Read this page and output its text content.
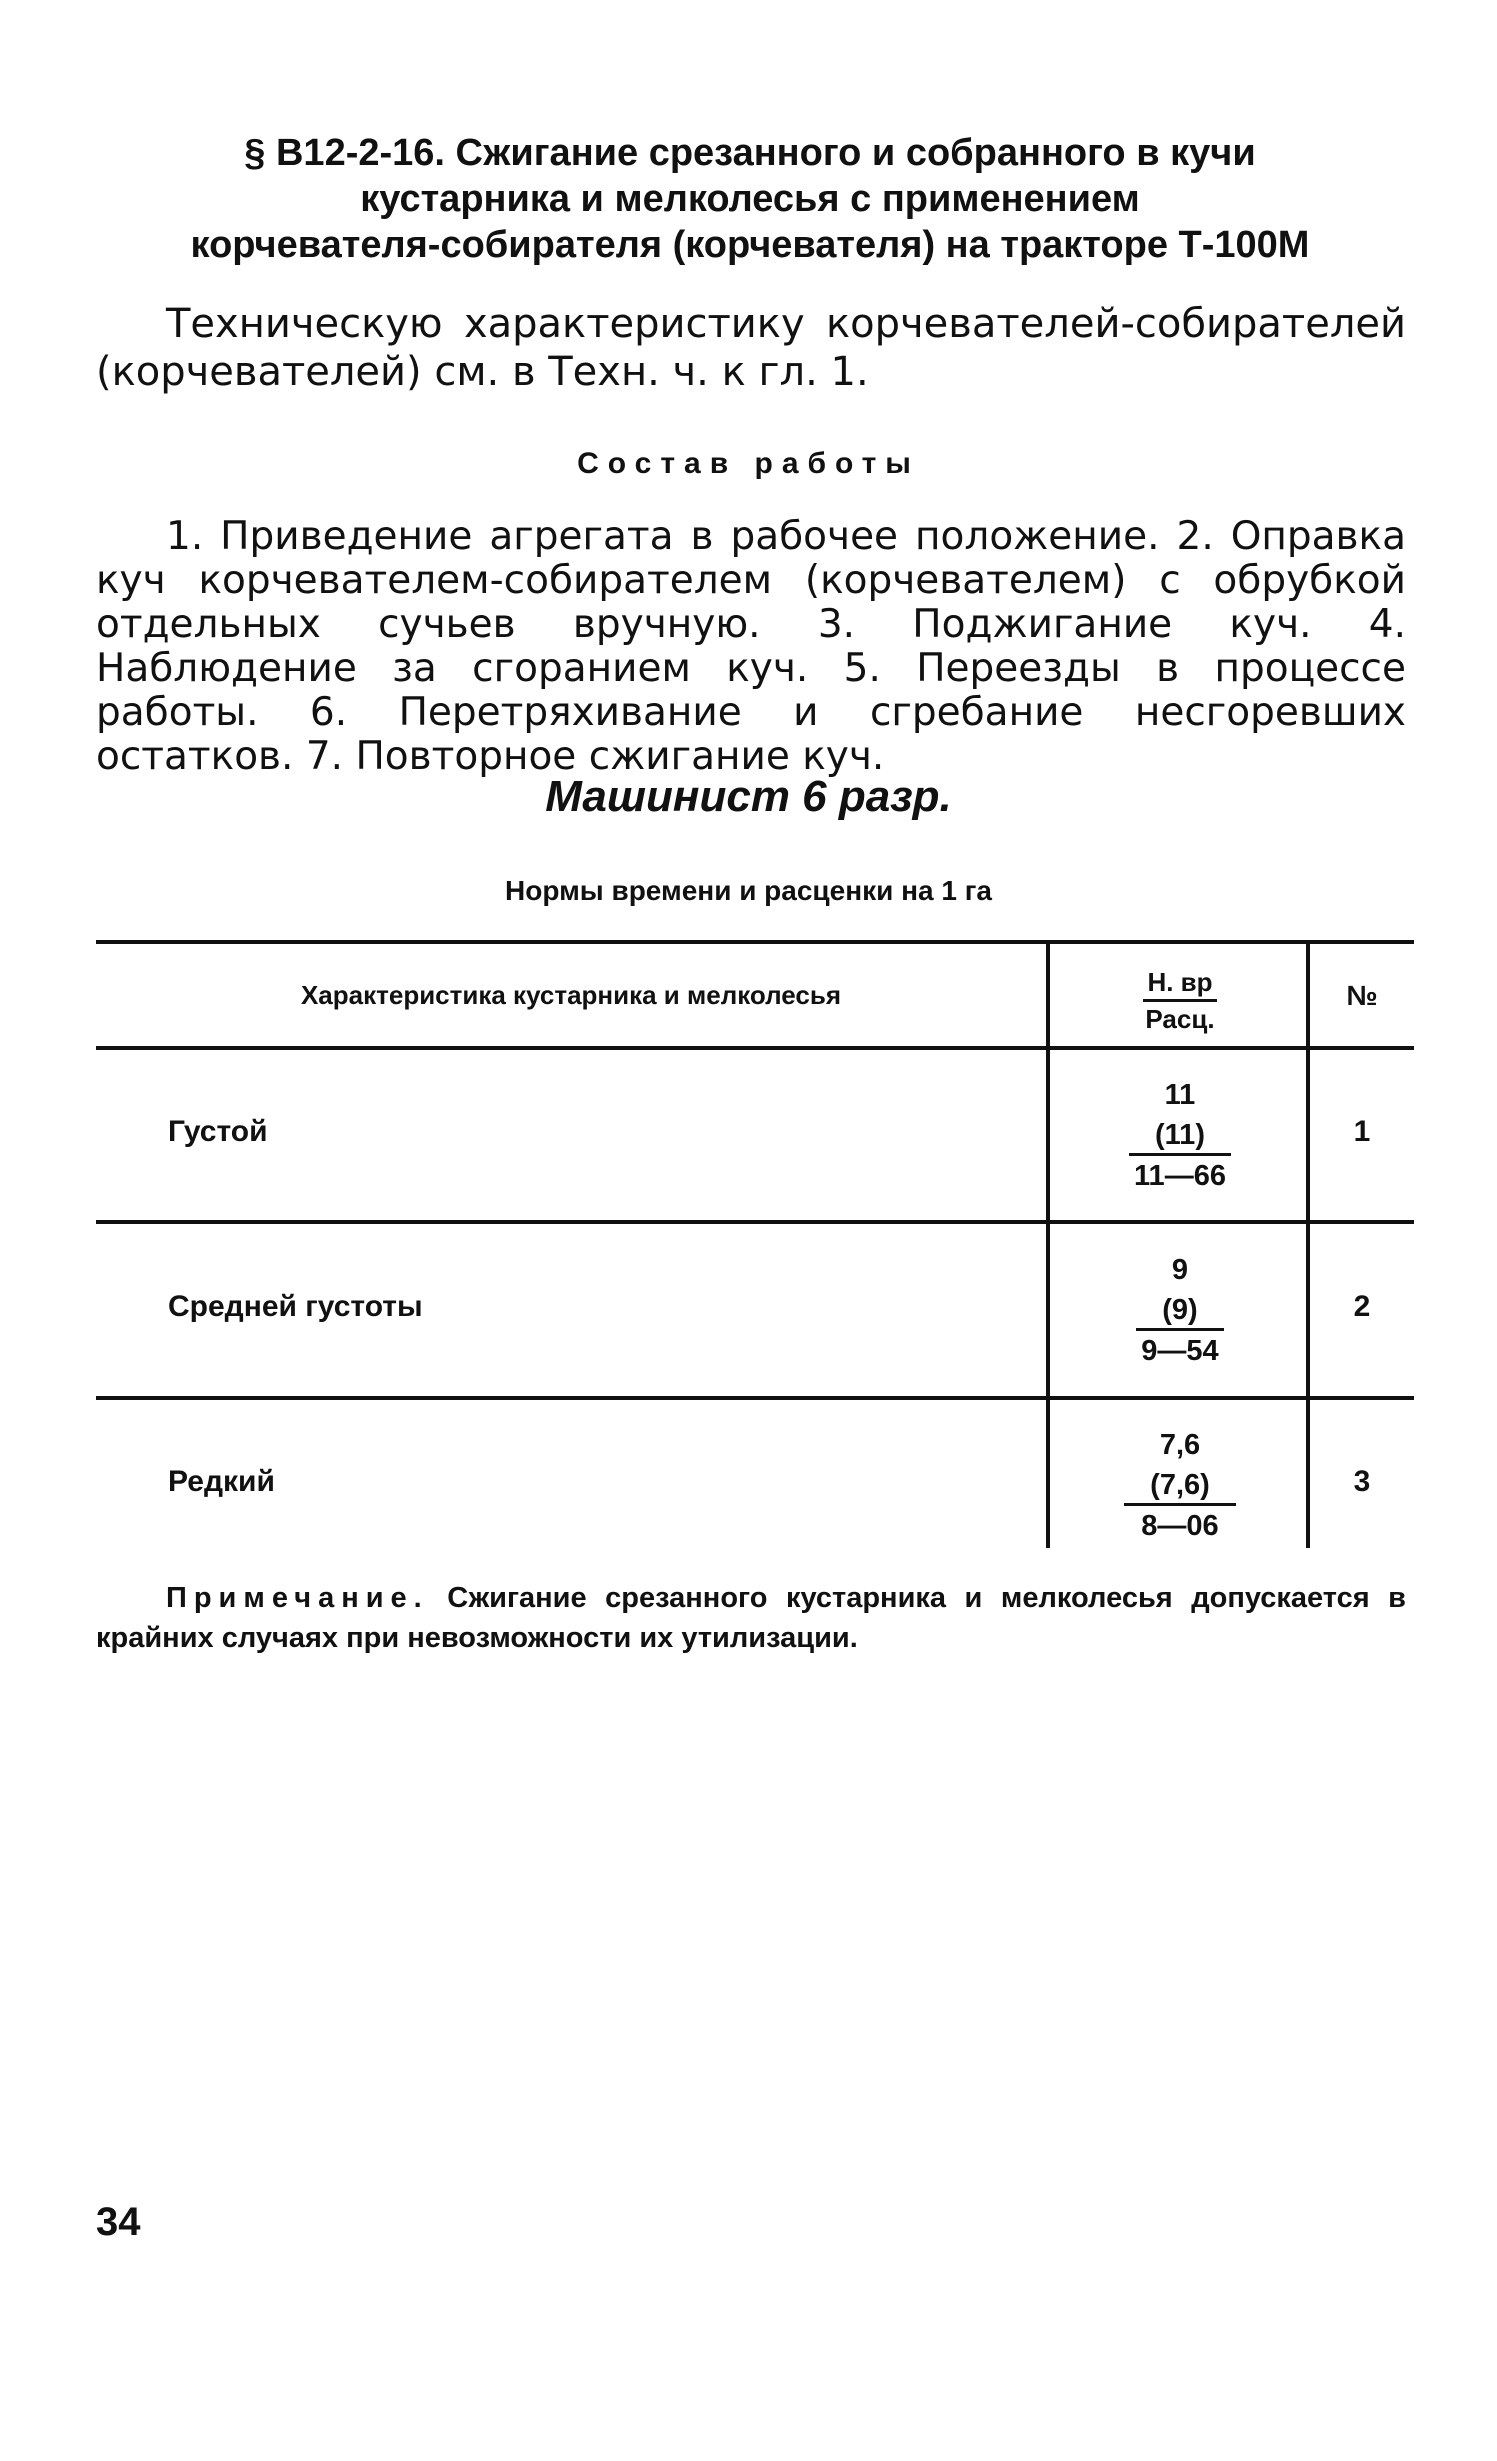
§ В12-2-16. Сжигание срезанного и собранного в кучи
кустарника и мелколесья с применением
корчевателя-собирателя (корчевателя) на тракторе Т-100М

Техническую характеристику корчевателей-собирателей (корчевателей) см. в Техн. ч. к гл. 1.

Состав работы

1. Приведение агрегата в рабочее положение. 2. Оправка куч корчевателем-собирателем (корчевателем) с обрубкой отдельных сучьев вручную. 3. Поджигание куч. 4. Наблюдение за сгоранием куч. 5. Переезды в процессе работы. 6. Перетряхивание и сгребание несгоревших остатков. 7. Повторное сжигание куч.

Машинист 6 разр.
Нормы времени и расценки на 1 га
Характеристика кустарника и мелколесья	Н. вр
Расц.
№
Густой
11
(11)
11—66
1
Средней густоты
9
(9)
9—54
2
Редкий
7,6
(7,6)
8—06
3

Примечание. Сжигание срезанного кустарника и мелколесья допускается в крайних случаях при невозможности их утилизации.

34
